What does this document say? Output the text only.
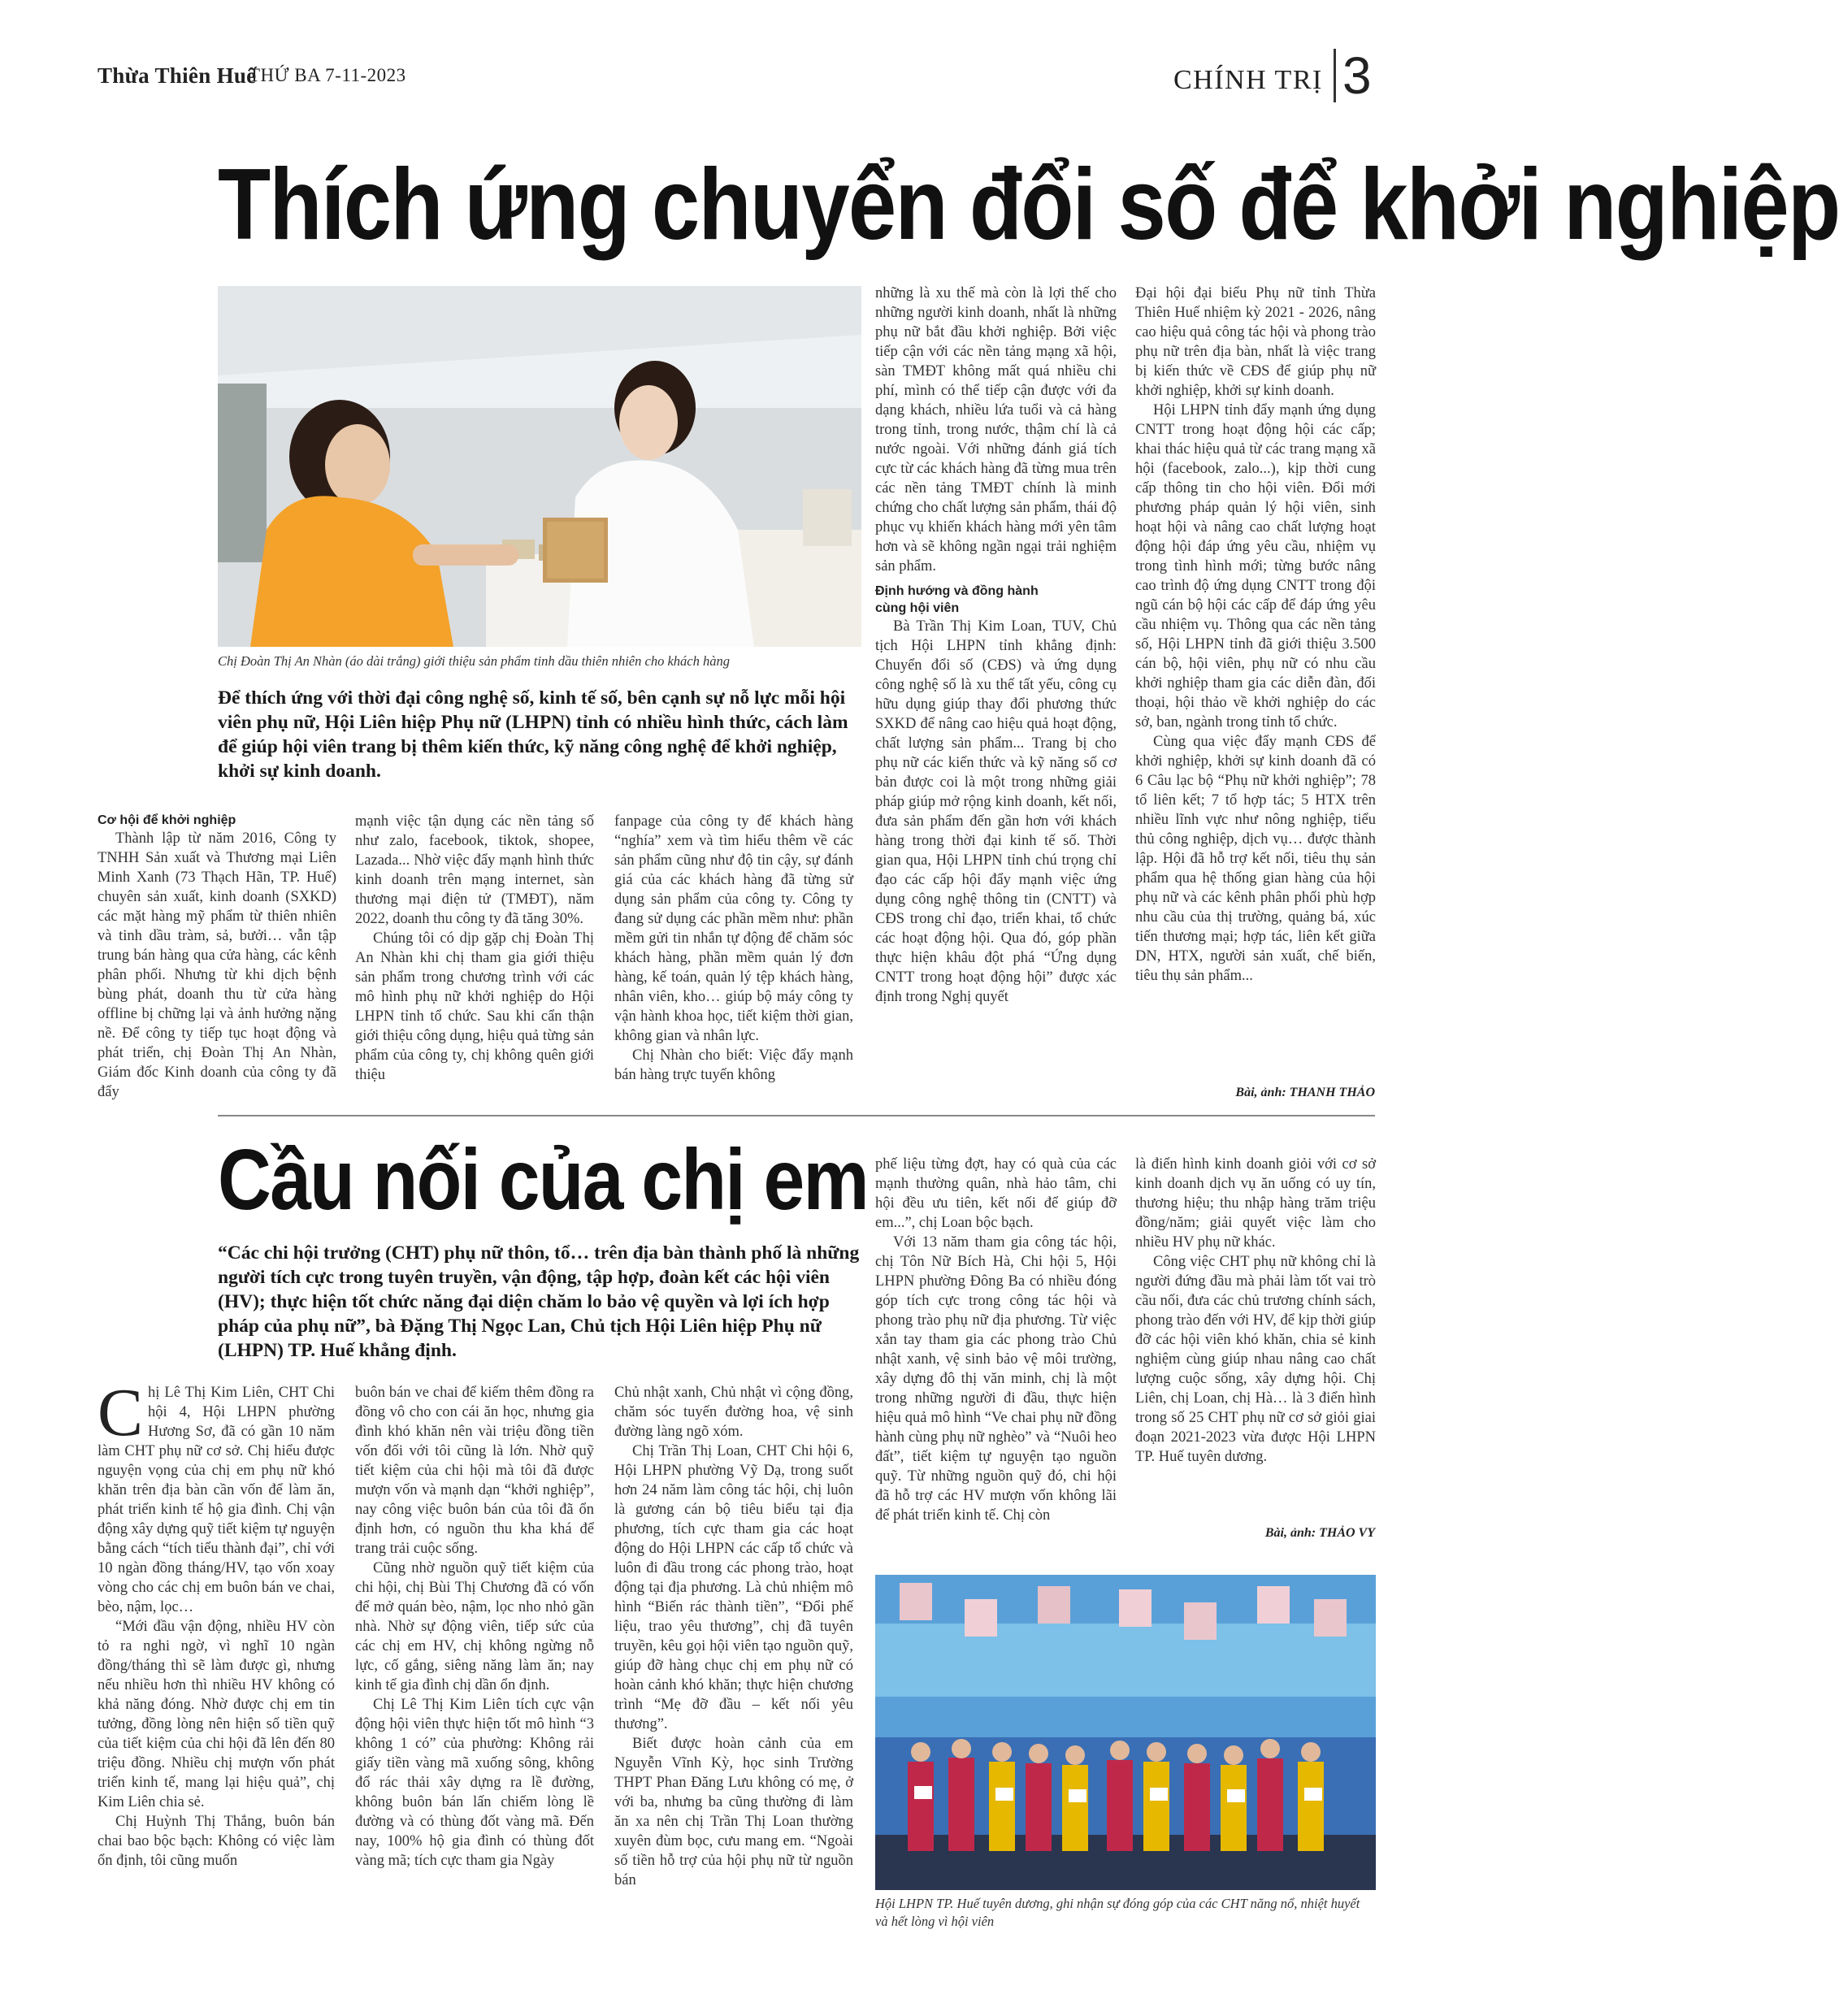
Thừa Thiên Huế
THỨ BA 7-11-2023	CHÍNH TRỊ 3
Thích ứng chuyển đổi số để khởi nghiệp
Chị Đoàn Thị An Nhàn (áo dài trắng) giới thiệu sản phẩm tinh dầu thiên nhiên cho khách hàng
Để thích ứng với thời đại công nghệ số, kinh tế số, bên cạnh sự nỗ lực mỗi hội viên phụ nữ, Hội Liên hiệp Phụ nữ (LHPN) tỉnh có nhiều hình thức, cách làm để giúp hội viên trang bị thêm kiến thức, kỹ năng công nghệ để khởi nghiệp, khởi sự kinh doanh.
Cơ hội để khởi nghiệp

Thành lập từ năm 2016, Công ty TNHH Sản xuất và Thương mại Liên Minh Xanh (73 Thạch Hãn, TP. Huế) chuyên sản xuất, kinh doanh (SXKD) các mặt hàng mỹ phẩm từ thiên nhiên và tinh dầu tràm, sả, bưởi… vẫn tập trung bán hàng qua cửa hàng, các kênh phân phối. Nhưng từ khi dịch bệnh bùng phát, doanh thu từ cửa hàng offline bị chững lại và ảnh hưởng nặng nề. Để công ty tiếp tục hoạt động và phát triển, chị Đoàn Thị An Nhàn, Giám đốc Kinh doanh của công ty đã đẩy

mạnh việc tận dụng các nền tảng số như zalo, facebook, tiktok, shopee, Lazada... Nhờ việc đẩy mạnh hình thức kinh doanh trên mạng internet, sàn thương mại điện tử (TMĐT), năm 2022, doanh thu công ty đã tăng 30%.

Chúng tôi có dịp gặp chị Đoàn Thị An Nhàn khi chị tham gia giới thiệu sản phẩm trong chương trình với các mô hình phụ nữ khởi nghiệp do Hội LHPN tỉnh tổ chức. Sau khi cẩn thận giới thiệu công dụng, hiệu quả từng sản phẩm của công ty, chị không quên giới thiệu

fanpage của công ty để khách hàng “nghía” xem và tìm hiểu thêm về các sản phẩm cũng như độ tin cậy, sự đánh giá của các khách hàng đã từng sử dụng sản phẩm của công ty. Công ty đang sử dụng các phần mềm như: phần mềm gửi tin nhắn tự động để chăm sóc khách hàng, phần mềm quản lý đơn hàng, kế toán, quản lý tệp khách hàng, nhân viên, kho… giúp bộ máy công ty vận hành khoa học, tiết kiệm thời gian, không gian và nhân lực.

Chị Nhàn cho biết: Việc đẩy mạnh bán hàng trực tuyến không

những là xu thế mà còn là lợi thế cho những người kinh doanh, nhất là những phụ nữ bắt đầu khởi nghiệp. Bởi việc tiếp cận với các nền tảng mạng xã hội, sàn TMĐT không mất quá nhiều chi phí, mình có thể tiếp cận được với đa dạng khách, nhiều lứa tuổi và cả hàng trong tỉnh, trong nước, thậm chí là cả nước ngoài. Với những đánh giá tích cực từ các khách hàng đã từng mua trên các nền tảng TMĐT chính là minh chứng cho chất lượng sản phẩm, thái độ phục vụ khiến khách hàng mới yên tâm hơn và sẽ không ngần ngại trải nghiệm sản phẩm.

Định hướng và đồng hành cùng hội viên

Bà Trần Thị Kim Loan, TUV, Chủ tịch Hội LHPN tỉnh khẳng định: Chuyển đổi số (CĐS) và ứng dụng công nghệ số là xu thế tất yếu, công cụ hữu dụng giúp thay đổi phương thức SXKD để nâng cao hiệu quả hoạt động, chất lượng sản phẩm... Trang bị cho phụ nữ các kiến thức và kỹ năng số cơ bản được coi là một trong những giải pháp giúp mở rộng kinh doanh, kết nối, đưa sản phẩm đến gần hơn với khách hàng trong thời đại kinh tế số. Thời gian qua, Hội LHPN tỉnh chú trọng chỉ đạo các cấp hội đẩy mạnh việc ứng dụng công nghệ thông tin (CNTT) và CĐS trong chỉ đạo, triển khai, tổ chức các hoạt động hội. Qua đó, góp phần thực hiện khâu đột phá “Ứng dụng CNTT trong hoạt động hội” được xác định trong Nghị quyết

Đại hội đại biểu Phụ nữ tỉnh Thừa Thiên Huế nhiệm kỳ 2021 - 2026, nâng cao hiệu quả công tác hội và phong trào phụ nữ trên địa bàn, nhất là việc trang bị kiến thức về CĐS để giúp phụ nữ khởi nghiệp, khởi sự kinh doanh.

Hội LHPN tỉnh đẩy mạnh ứng dụng CNTT trong hoạt động hội các cấp; khai thác hiệu quả từ các trang mạng xã hội (facebook, zalo...), kịp thời cung cấp thông tin cho hội viên. Đổi mới phương pháp quản lý hội viên, sinh hoạt hội và nâng cao chất lượng hoạt động hội đáp ứng yêu cầu, nhiệm vụ trong tình hình mới; từng bước nâng cao trình độ ứng dụng CNTT trong đội ngũ cán bộ hội các cấp để đáp ứng yêu cầu nhiệm vụ. Thông qua các nền tảng số, Hội LHPN tỉnh đã giới thiệu 3.500 cán bộ, hội viên, phụ nữ có nhu cầu khởi nghiệp tham gia các diễn đàn, đối thoại, hội thảo về khởi nghiệp do các sở, ban, ngành trong tỉnh tổ chức.

Cùng qua việc đẩy mạnh CĐS để khởi nghiệp, khởi sự kinh doanh đã có 6 Câu lạc bộ “Phụ nữ khởi nghiệp”; 78 tổ liên kết; 7 tổ hợp tác; 5 HTX trên nhiều lĩnh vực như nông nghiệp, tiểu thủ công nghiệp, dịch vụ… được thành lập. Hội đã hỗ trợ kết nối, tiêu thụ sản phẩm qua hệ thống gian hàng của hội phụ nữ và các kênh phân phối phù hợp nhu cầu của thị trường, quảng bá, xúc tiến thương mại; hợp tác, liên kết giữa DN, HTX, người sản xuất, chế biến, tiêu thụ sản phẩm...

Bài, ảnh: THANH THẢO
Cầu nối của chị em
“Các chi hội trưởng (CHT) phụ nữ thôn, tổ… trên địa bàn thành phố là những người tích cực trong tuyên truyền, vận động, tập hợp, đoàn kết các hội viên (HV); thực hiện tốt chức năng đại diện chăm lo bảo vệ quyền và lợi ích hợp pháp của phụ nữ”, bà Đặng Thị Ngọc Lan, Chủ tịch Hội Liên hiệp Phụ nữ (LHPN) TP. Huế khẳng định.

Chị Lê Thị Kim Liên, CHT Chi hội 4, Hội LHPN phường Hương Sơ, đã có gần 10 năm làm CHT phụ nữ cơ sở. Chị hiểu được nguyện vọng của chị em phụ nữ khó khăn trên địa bàn cần vốn để làm ăn, phát triển kinh tế hộ gia đình. Chị vận động xây dựng quỹ tiết kiệm tự nguyện bằng cách “tích tiểu thành đại”, chỉ với 10 ngàn đồng tháng/HV, tạo vốn xoay vòng cho các chị em buôn bán ve chai, bèo, nậm, lọc…

“Mới đầu vận động, nhiều HV còn tỏ ra nghi ngờ, vì nghĩ 10 ngàn đồng/tháng thì sẽ làm được gì, nhưng nếu nhiều hơn thì nhiều HV không có khả năng đóng. Nhờ được chị em tin tưởng, đồng lòng nên hiện số tiền quỹ của tiết kiệm của chi hội đã lên đến 80 triệu đồng. Nhiều chị mượn vốn phát triển kinh tế, mang lại hiệu quả”, chị Kim Liên chia sẻ.

Chị Huỳnh Thị Thắng, buôn bán chai bao bộc bạch: Không có việc làm ổn định, tôi cũng muốn

buôn bán ve chai để kiếm thêm đồng ra đồng vô cho con cái ăn học, nhưng gia đình khó khăn nên vài triệu đồng tiền vốn đối với tôi cũng là lớn. Nhờ quỹ tiết kiệm của chi hội mà tôi đã được mượn vốn và mạnh dạn “khởi nghiệp”, nay công việc buôn bán của tôi đã ổn định hơn, có nguồn thu kha khá để trang trải cuộc sống.

Cũng nhờ nguồn quỹ tiết kiệm của chi hội, chị Bùi Thị Chương đã có vốn để mở quán bèo, nậm, lọc nho nhỏ gần nhà. Nhờ sự động viên, tiếp sức của các chị em HV, chị không ngừng nỗ lực, cố gắng, siêng năng làm ăn; nay kinh tế gia đình chị dần ổn định.

Chị Lê Thị Kim Liên tích cực vận động hội viên thực hiện tốt mô hình “3 không 1 có” của phường: Không rải giấy tiền vàng mã xuống sông, không đổ rác thải xây dựng ra lề đường, không buôn bán lấn chiếm lòng lề đường và có thùng đốt vàng mã. Đến nay, 100% hộ gia đình có thùng đốt vàng mã; tích cực tham gia Ngày

Chủ nhật xanh, Chủ nhật vì cộng đồng, chăm sóc tuyến đường hoa, vệ sinh đường làng ngõ xóm.

Chị Trần Thị Loan, CHT Chi hội 6, Hội LHPN phường Vỹ Dạ, trong suốt hơn 24 năm làm công tác hội, chị luôn là gương cán bộ tiêu biểu tại địa phương, tích cực tham gia các hoạt động do Hội LHPN các cấp tổ chức và luôn đi đầu trong các phong trào, hoạt động tại địa phương. Là chủ nhiệm mô hình “Biến rác thành tiền”, “Đổi phế liệu, trao yêu thương”, chị đã tuyên truyền, kêu gọi hội viên tạo nguồn quỹ, giúp đỡ hàng chục chị em phụ nữ có hoàn cảnh khó khăn; thực hiện chương trình “Mẹ đỡ đầu – kết nối yêu thương”.

Biết được hoàn cảnh của em Nguyễn Vĩnh Kỳ, học sinh Trường THPT Phan Đăng Lưu không có mẹ, ở với ba, nhưng ba cũng thường đi làm ăn xa nên chị Trần Thị Loan thường xuyên đùm bọc, cưu mang em. “Ngoài số tiền hỗ trợ của hội phụ nữ từ nguồn bán

phế liệu từng đợt, hay có quà của các mạnh thường quân, nhà hảo tâm, chi hội đều ưu tiên, kết nối để giúp đỡ em...”, chị Loan bộc bạch.

Với 13 năm tham gia công tác hội, chị Tôn Nữ Bích Hà, Chi hội 5, Hội LHPN phường Đông Ba có nhiều đóng góp tích cực trong công tác hội và phong trào phụ nữ địa phương. Từ việc xắn tay tham gia các phong trào Chủ nhật xanh, vệ sinh bảo vệ môi trường, xây dựng đô thị văn minh, chị là một trong những người đi đầu, thực hiện hiệu quả mô hình “Ve chai phụ nữ đồng hành cùng phụ nữ nghèo” và “Nuôi heo đất”, tiết kiệm tự nguyện tạo nguồn quỹ. Từ những nguồn quỹ đó, chi hội đã hỗ trợ các HV mượn vốn không lãi để phát triển kinh tế. Chị còn

là điển hình kinh doanh giỏi với cơ sở kinh doanh dịch vụ ăn uống có uy tín, thương hiệu; thu nhập hàng trăm triệu đồng/năm; giải quyết việc làm cho nhiều HV phụ nữ khác.

Công việc CHT phụ nữ không chỉ là người đứng đầu mà phải làm tốt vai trò cầu nối, đưa các chủ trương chính sách, phong trào đến với HV, để kịp thời giúp đỡ các hội viên khó khăn, chia sẻ kinh nghiệm cùng giúp nhau nâng cao chất lượng cuộc sống, xây dựng hội. Chị Liên, chị Loan, chị Hà… là 3 điển hình trong số 25 CHT phụ nữ cơ sở giỏi giai đoạn 2021-2023 vừa được Hội LHPN TP. Huế tuyên dương.

Bài, ảnh: THẢO VY
Hội LHPN TP. Huế tuyên dương, ghi nhận sự đóng góp của các CHT năng nổ, nhiệt huyết và hết lòng vì hội viên
